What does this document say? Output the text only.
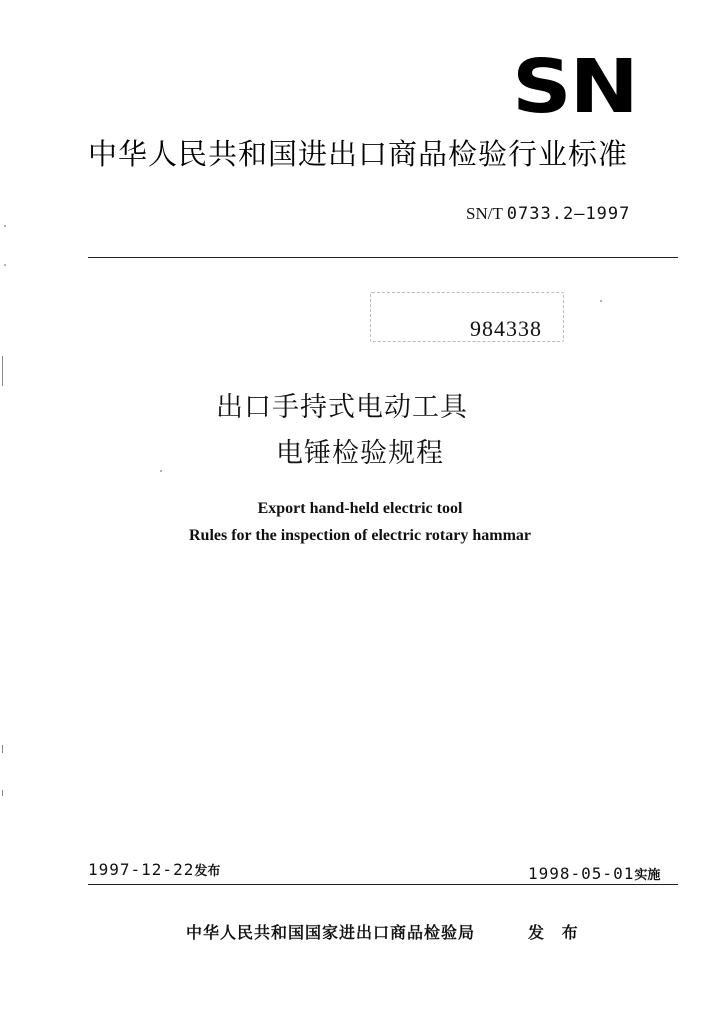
SN
中华人民共和国进出口商品检验行业标准
SN/T 0733.2—1997
984338
出口手持式电动工具
电锤检验规程
Export hand-held electric tool
Rules for the inspection of electric rotary hammar
1997-12-22发布	1998-05-01实施
中华人民共和国国家进出口商品检验局	发 布
